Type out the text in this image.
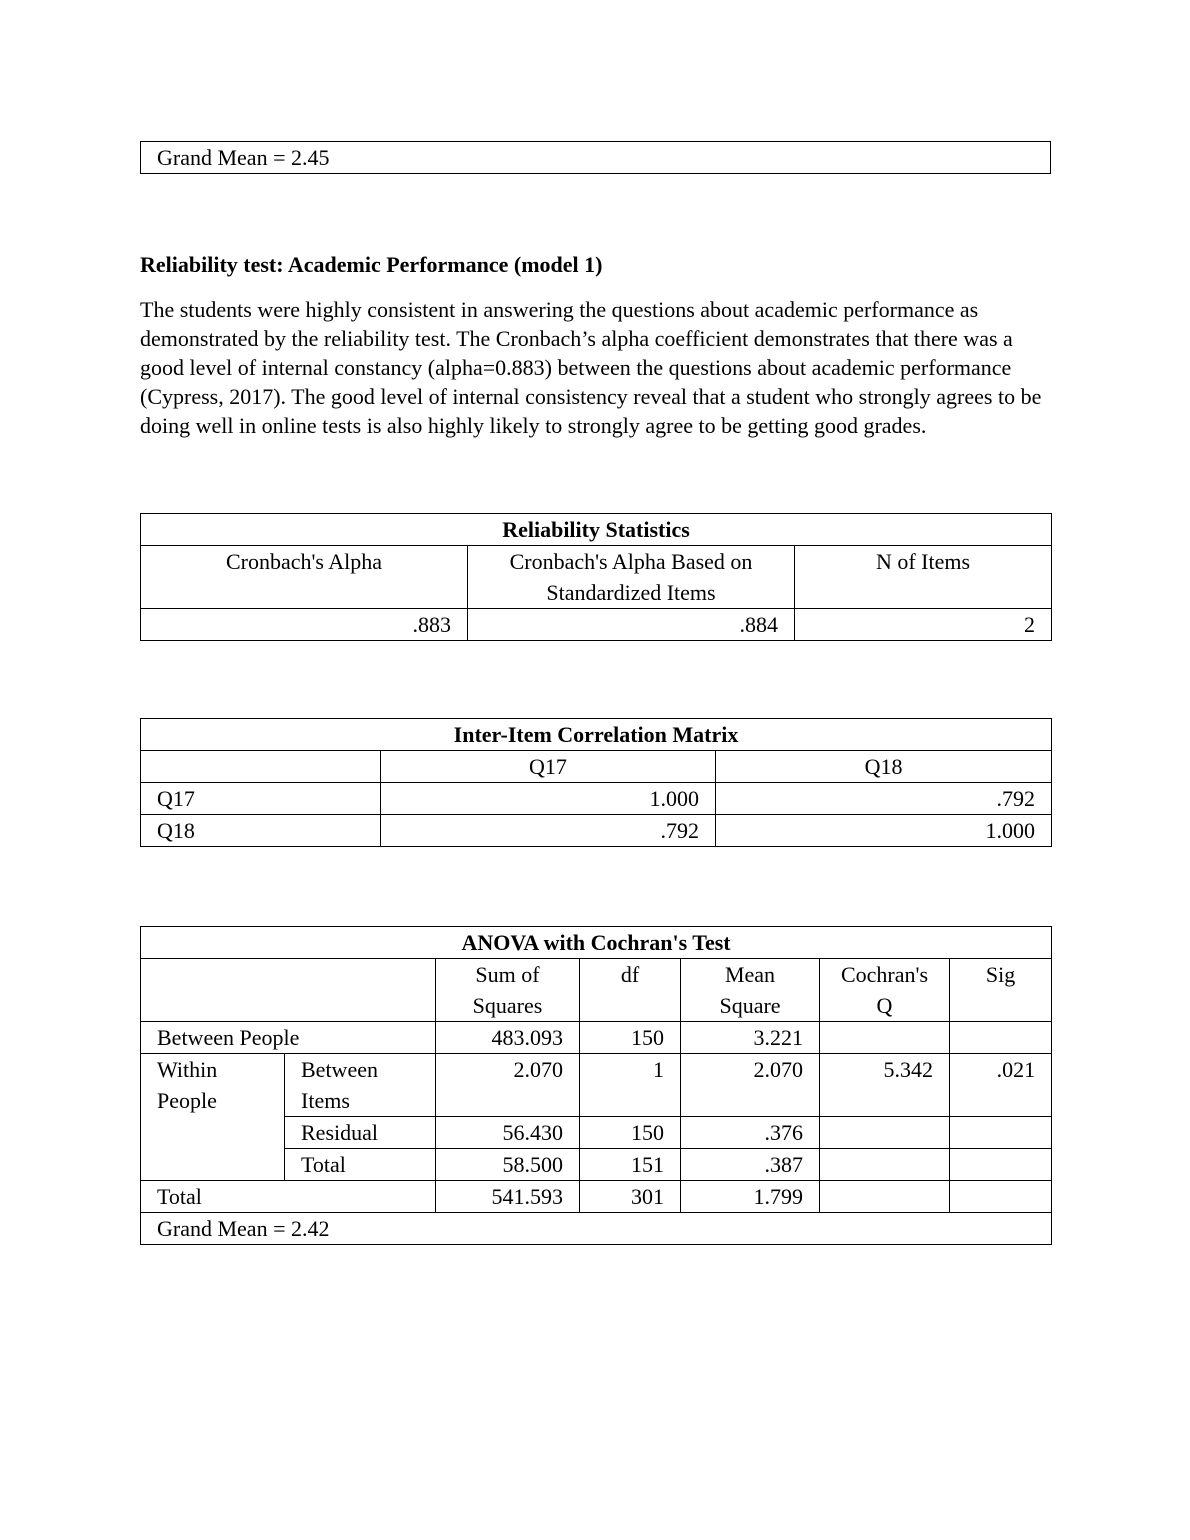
Grand Mean = 2.45
Reliability test: Academic Performance (model 1)

The students were highly consistent in answering the questions about academic performance as demonstrated by the reliability test. The Cronbach’s alpha coefficient demonstrates that there was a good level of internal constancy (alpha=0.883) between the questions about academic performance (Cypress, 2017). The good level of internal consistency reveal that a student who strongly agrees to be doing well in online tests is also highly likely to strongly agree to be getting good grades.

Reliability Statistics		
Cronbach's Alpha	Cronbach's Alpha Based on Standardized Items	N of Items
.883	.884	2
Inter-Item Correlation Matrix		
	Q17	Q18
Q17	1.000	.792
Q18	.792	1.000
ANOVA with Cochran's Test						
		Sum of Squares	df	Mean Square	Cochran's Q	Sig
Between People		483.093	150	3.221		
Within People	Between Items	2.070	1	2.070	5.342	.021
	Residual	56.430	150	.376		
	Total	58.500	151	.387		
Total		541.593	301	1.799		
Grand Mean = 2.42						
